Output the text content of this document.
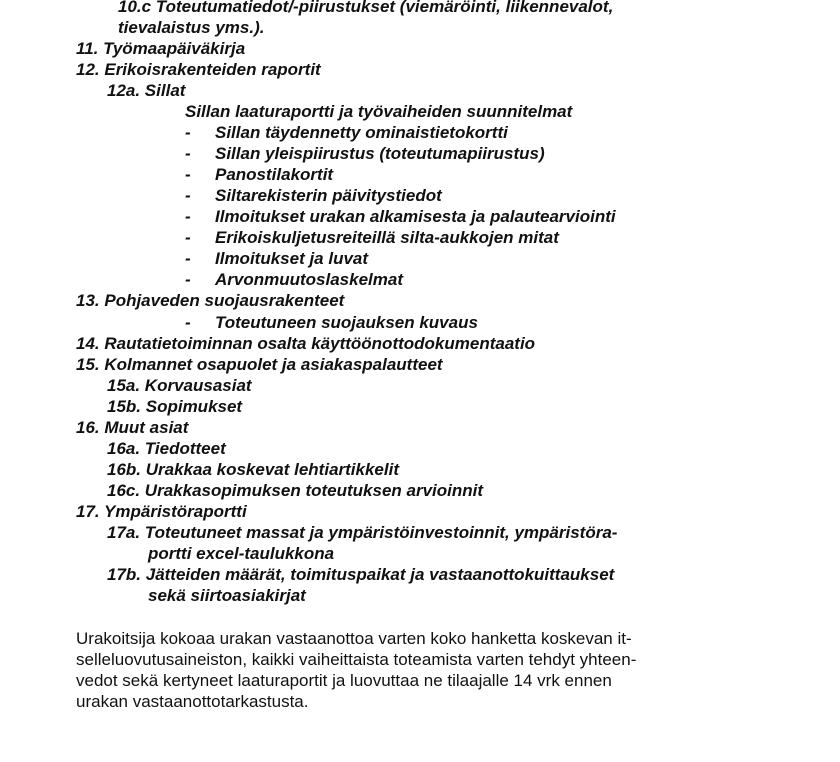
10.c Toteutumatiedot/-piirustukset (viemäröinti, liikennevalot,
tievalaistus yms.).
11. Työmaapäiväkirja
12. Erikoisrakenteiden raportit
12a. Sillat
Sillan laaturaportti ja työvaiheiden suunnitelmat
- Sillan täydennetty ominaistietokortti
- Sillan yleispiirustus (toteutumapiirustus)
- Panostilakortit
- Siltarekisterin päivitystiedot
- Ilmoitukset urakan alkamisesta ja palautearviointi
- Erikoiskuljetusreiteillä silta-aukkojen mitat
- Ilmoitukset ja luvat
- Arvonmuutoslaskelmat
13. Pohjaveden suojausrakenteet
- Toteutuneen suojauksen kuvaus
14. Rautatietoiminnan osalta käyttöönottodokumentaatio
15. Kolmannet osapuolet ja asiakaspalautteet
15a. Korvausasiat
15b. Sopimukset
16. Muut asiat
16a. Tiedotteet
16b. Urakkaa koskevat lehtiartikkelit
16c. Urakkasopimuksen toteutuksen arvioinnit
17. Ympäristöraportti
17a. Toteutuneet massat ja ympäristöinvestoinnit, ympäristöra-
portti excel-taulukkona
17b. Jätteiden määrät, toimituspaikat ja vastaanottokuittaukset
sekä siirtoasiakirjat
Urakoitsija kokoaa urakan vastaanottoa varten koko hanketta koskevan it-
selleluovutusaineiston, kaikki vaiheittaista toteamista varten tehdyt yhteen-
vedot sekä kertyneet laaturaportit ja luovuttaa ne tilaajalle 14 vrk ennen
urakan vastaanottotarkastusta.
